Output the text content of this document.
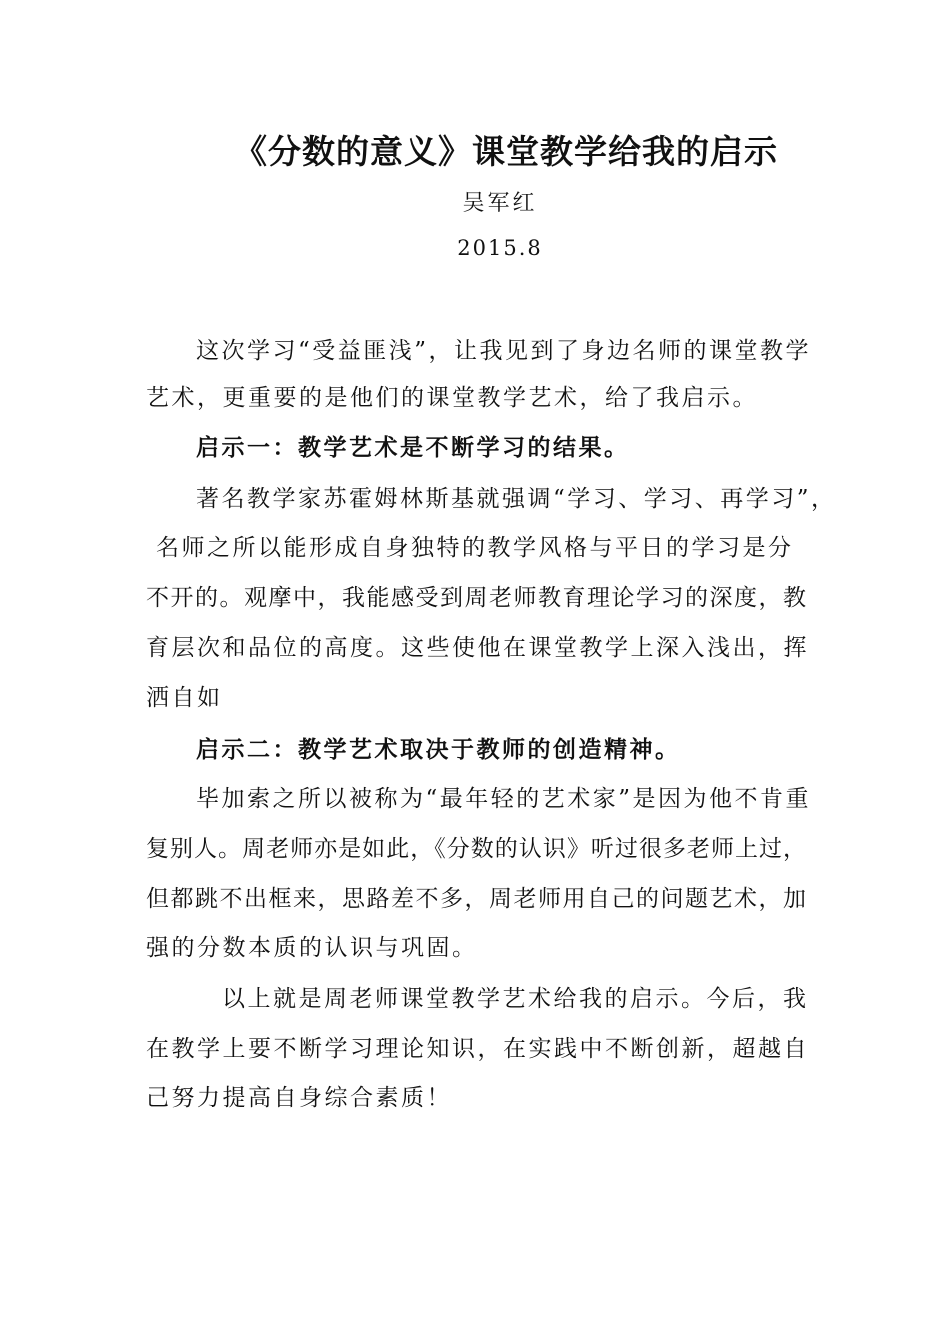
《分数的意义》课堂教学给我的启示
吴军红
2015.8
这次学习“受益匪浅”，让我见到了身边名师的课堂教学
艺术，更重要的是他们的课堂教学艺术，给了我启示。
启示一：教学艺术是不断学习的结果。
著名教学家苏霍姆林斯基就强调“学习、学习、再学习”，
名师之所以能形成自身独特的教学风格与平日的学习是分
不开的。观摩中，我能感受到周老师教育理论学习的深度，教
育层次和品位的高度。这些使他在课堂教学上深入浅出，挥
洒自如
启示二：教学艺术取决于教师的创造精神。
毕加索之所以被称为“最年轻的艺术家”是因为他不肯重
复别人。周老师亦是如此，《分数的认识》听过很多老师上过，
但都跳不出框来，思路差不多，周老师用自己的问题艺术，加
强的分数本质的认识与巩固。
以上就是周老师课堂教学艺术给我的启示。今后，我
在教学上要不断学习理论知识，在实践中不断创新，超越自
己努力提高自身综合素质！
